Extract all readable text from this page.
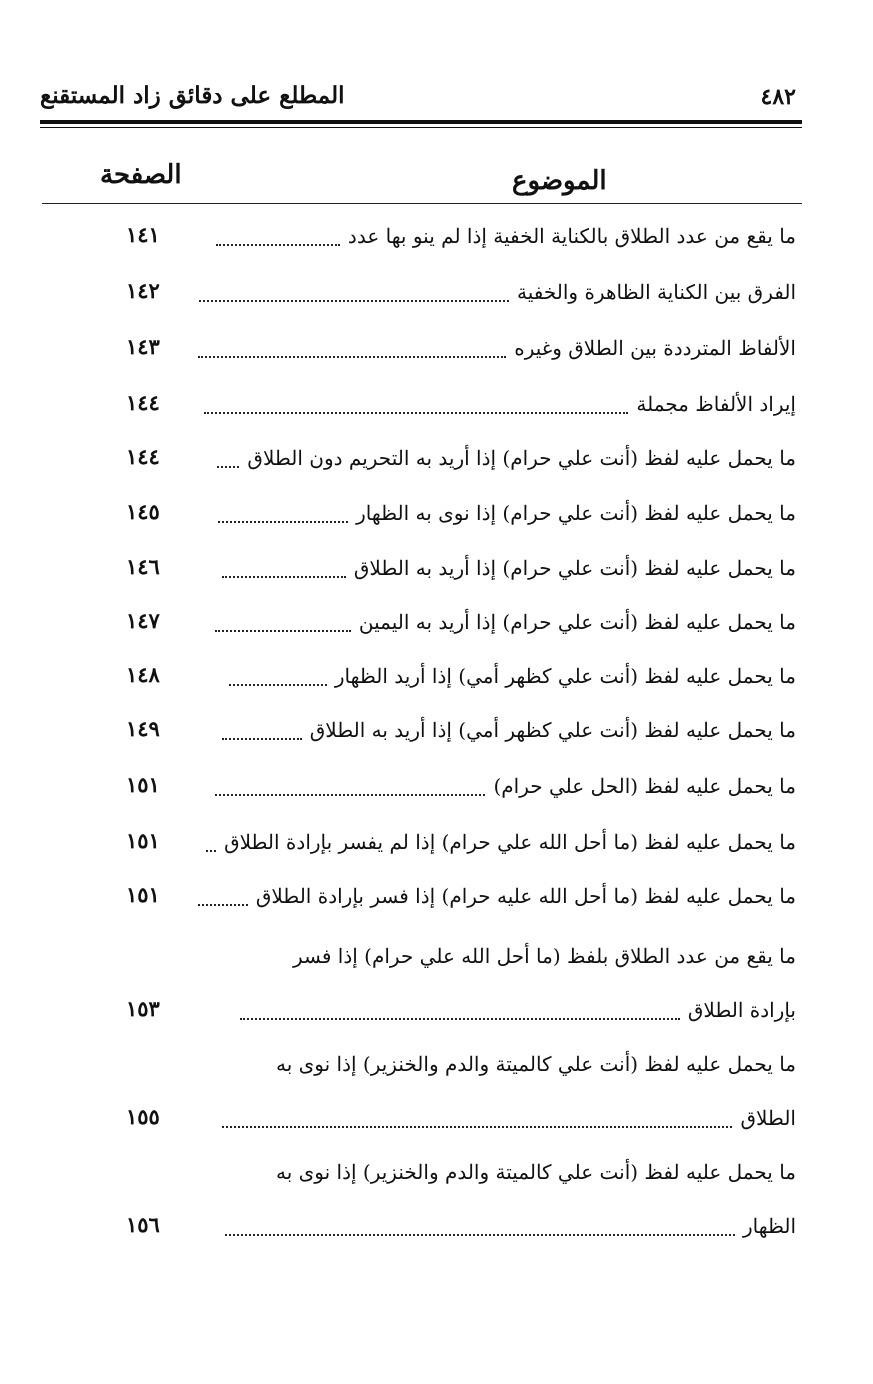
المطلع على دقائق زاد المستقنع	٤٨٢
الصفحة	الموضوع
١٤١	ما يقع من عدد الطلاق بالكناية الخفية إذا لم ينو بها عدد
١٤٢	الفرق بين الكناية الظاهرة والخفية
١٤٣	الألفاظ المترددة بين الطلاق وغيره
١٤٤	إيراد الألفاظ مجملة
١٤٤	ما يحمل عليه لفظ (أنت علي حرام) إذا أريد به التحريم دون الطلاق
١٤٥	ما يحمل عليه لفظ (أنت علي حرام) إذا نوى به الظهار
١٤٦	ما يحمل عليه لفظ (أنت علي حرام) إذا أريد به الطلاق
١٤٧	ما يحمل عليه لفظ (أنت علي حرام) إذا أريد به اليمين
١٤٨	ما يحمل عليه لفظ (أنت علي كظهر أمي) إذا أريد الظهار
١٤٩	ما يحمل عليه لفظ (أنت علي كظهر أمي) إذا أريد به الطلاق
١٥١	ما يحمل عليه لفظ (الحل علي حرام)
١٥١	ما يحمل عليه لفظ (ما أحل الله علي حرام) إذا لم يفسر بإرادة الطلاق
١٥١	ما يحمل عليه لفظ (ما أحل الله عليه حرام) إذا فسر بإرادة الطلاق
ما يقع من عدد الطلاق بلفظ (ما أحل الله علي حرام) إذا فسر
١٥٣	بإرادة الطلاق
ما يحمل عليه لفظ (أنت علي كالميتة والدم والخنزير) إذا نوى به
١٥٥	الطلاق
ما يحمل عليه لفظ (أنت علي كالميتة والدم والخنزير) إذا نوى به
١٥٦	الظهار
